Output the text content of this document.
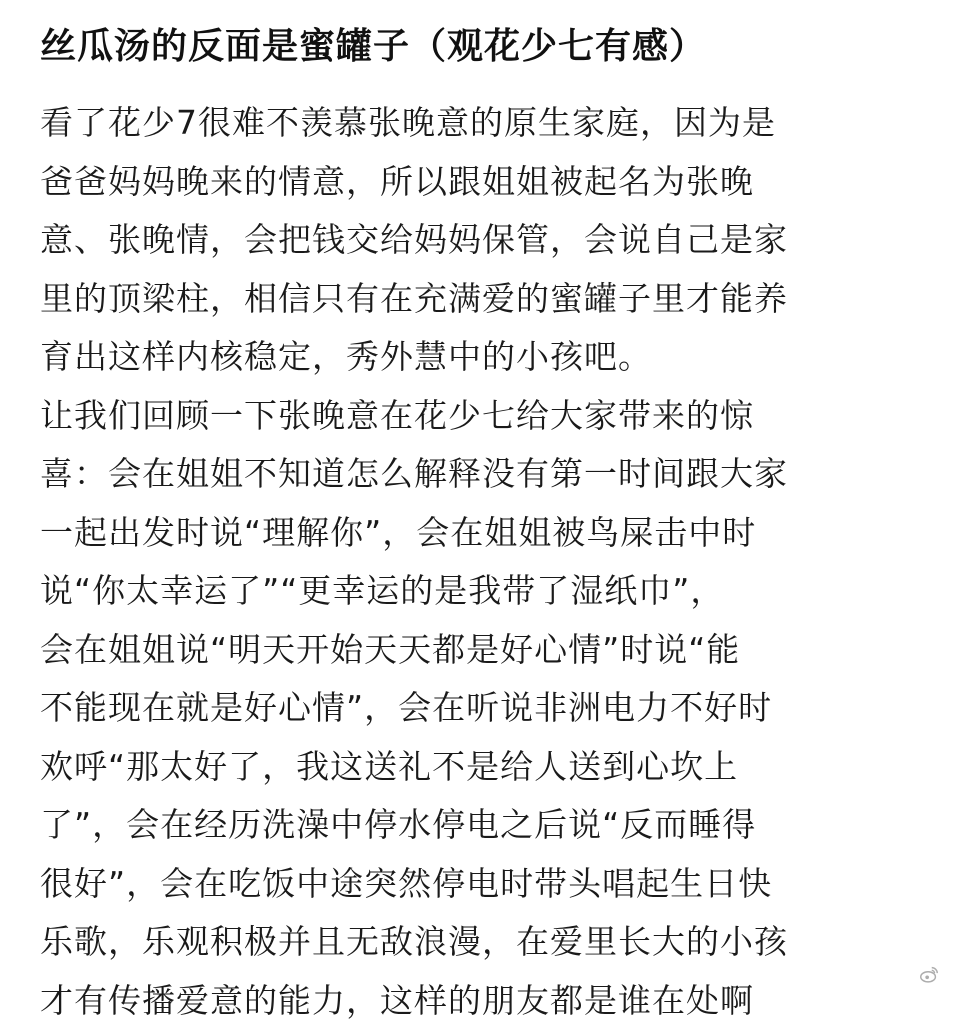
丝瓜汤的反面是蜜罐子（观花少七有感）
看了花少7很难不羡慕张晚意的原生家庭，因为是
爸爸妈妈晚来的情意，所以跟姐姐被起名为张晚
意、张晚情，会把钱交给妈妈保管，会说自己是家
里的顶梁柱，相信只有在充满爱的蜜罐子里才能养
育出这样内核稳定，秀外慧中的小孩吧。
让我们回顾一下张晚意在花少七给大家带来的惊
喜：会在姐姐不知道怎么解释没有第一时间跟大家
一起出发时说“理解你”，会在姐姐被鸟屎击中时
说“你太幸运了”“更幸运的是我带了湿纸巾”，
会在姐姐说“明天开始天天都是好心情”时说“能
不能现在就是好心情”，会在听说非洲电力不好时
欢呼“那太好了，我这送礼不是给人送到心坎上
了”，会在经历洗澡中停水停电之后说“反而睡得
很好”，会在吃饭中途突然停电时带头唱起生日快
乐歌，乐观积极并且无敌浪漫，在爱里长大的小孩
才有传播爱意的能力，这样的朋友都是谁在处啊
